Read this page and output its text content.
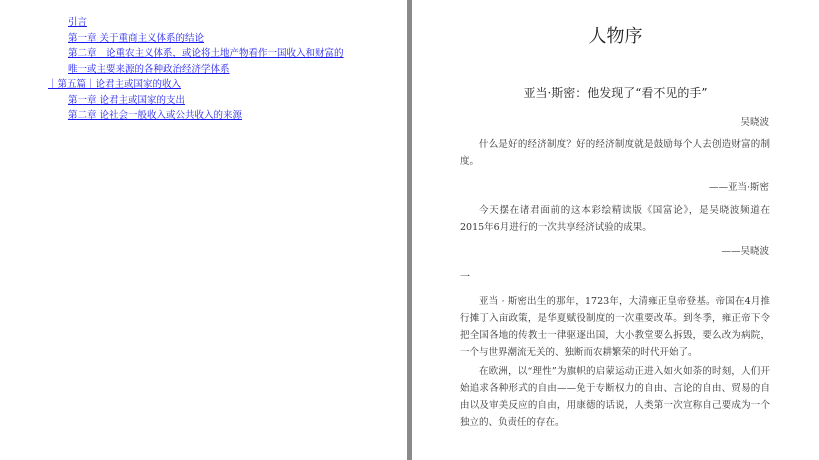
引言
第一章 关于重商主义体系的结论
第二章　论重农主义体系，或论将土地产物看作一国收入和财富的
唯一或主要来源的各种政治经济学体系
｜第五篇｜论君主或国家的收入
第一章 论君主或国家的支出
第二章 论社会一般收入或公共收入的来源
人物序
亚当·斯密：他发现了“看不见的手”
吴晓波

什么是好的经济制度？好的经济制度就是鼓励每个人去创造财富的制度。

——亚当·斯密

今天摆在诸君面前的这本彩绘精读版《国富论》，是吴晓波频道在2015年6月进行的一次共享经济试验的成果。

——吴晓波
一

亚当 · 斯密出生的那年，1723年，大清雍正皇帝登基。帝国在4月推行摊丁入亩政策，是华夏赋役制度的一次重要改革。到冬季，雍正帝下令把全国各地的传教士一律驱逐出国，大小教堂要么拆毁，要么改为病院，一个与世界潮流无关的、独断而农耕繁荣的时代开始了。

在欧洲，以“理性”为旗帜的启蒙运动正进入如火如荼的时刻，人们开始追求各种形式的自由——免于专断权力的自由、言论的自由、贸易的自由以及审美反应的自由，用康德的话说，人类第一次宣称自己要成为一个独立的、负责任的存在。
